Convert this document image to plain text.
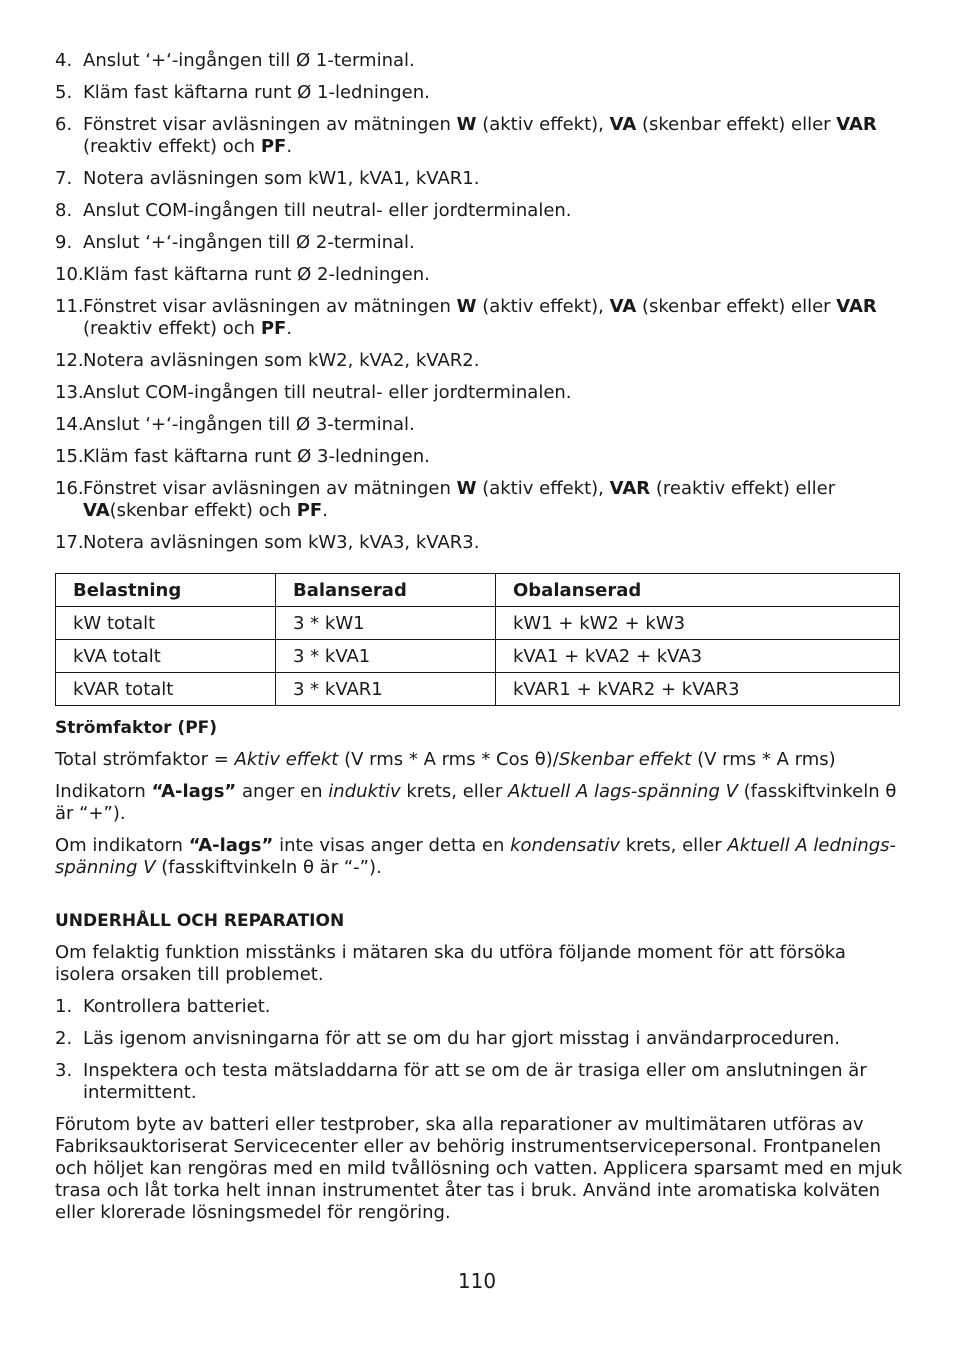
4. Anslut ‘+‘-ingången till Ø 1-terminal.
5. Kläm fast käftarna runt Ø 1-ledningen.
6. Fönstret visar avläsningen av mätningen W (aktiv effekt), VA (skenbar effekt) eller VAR (reaktiv effekt) och PF.
7. Notera avläsningen som kW1, kVA1, kVAR1.
8. Anslut COM-ingången till neutral- eller jordterminalen.
9. Anslut ‘+‘-ingången till Ø 2-terminal.
10. Kläm fast käftarna runt Ø 2-ledningen.
11. Fönstret visar avläsningen av mätningen W (aktiv effekt), VA (skenbar effekt) eller VAR (reaktiv effekt) och PF.
12. Notera avläsningen som kW2, kVA2, kVAR2.
13. Anslut COM-ingången till neutral- eller jordterminalen.
14. Anslut ‘+‘-ingången till Ø 3-terminal.
15. Kläm fast käftarna runt Ø 3-ledningen.
16. Fönstret visar avläsningen av mätningen W (aktiv effekt), VAR (reaktiv effekt) eller VA(skenbar effekt) och PF.
17. Notera avläsningen som kW3, kVA3, kVAR3.
Belastning	Balanserad	Obalanserad
kW totalt	3 * kW1	kW1 + kW2 + kW3
kVA totalt	3 * kVA1	kVA1 + kVA2 + kVA3
kVAR totalt	3 * kVAR1	kVAR1 + kVAR2 + kVAR3
Strömfaktor (PF)

Total strömfaktor = Aktiv effekt (V rms * A rms * Cos θ)/Skenbar effekt (V rms * A rms)

Indikatorn “A-lags” anger en induktiv krets, eller Aktuell A lags-spänning V (fasskiftvinkeln θ är “+”).

Om indikatorn “A-lags” inte visas anger detta en kondensativ krets, eller Aktuell A lednings-spänning V (fasskiftvinkeln θ är “-”).

UNDERHÅLL OCH REPARATION

Om felaktig funktion misstänks i mätaren ska du utföra följande moment för att försöka isolera orsaken till problemet.

1. Kontrollera batteriet.
2. Läs igenom anvisningarna för att se om du har gjort misstag i användarproceduren.
3. Inspektera och testa mätsladdarna för att se om de är trasiga eller om anslutningen är intermittent.

Förutom byte av batteri eller testprober, ska alla reparationer av multimätaren utföras av Fabriksauktoriserat Servicecenter eller av behörig instrumentservicepersonal. Frontpanelen och höljet kan rengöras med en mild tvållösning och vatten. Applicera sparsamt med en mjuk trasa och låt torka helt innan instrumentet åter tas i bruk. Använd inte aromatiska kolväten eller klorerade lösningsmedel för rengöring.

110
